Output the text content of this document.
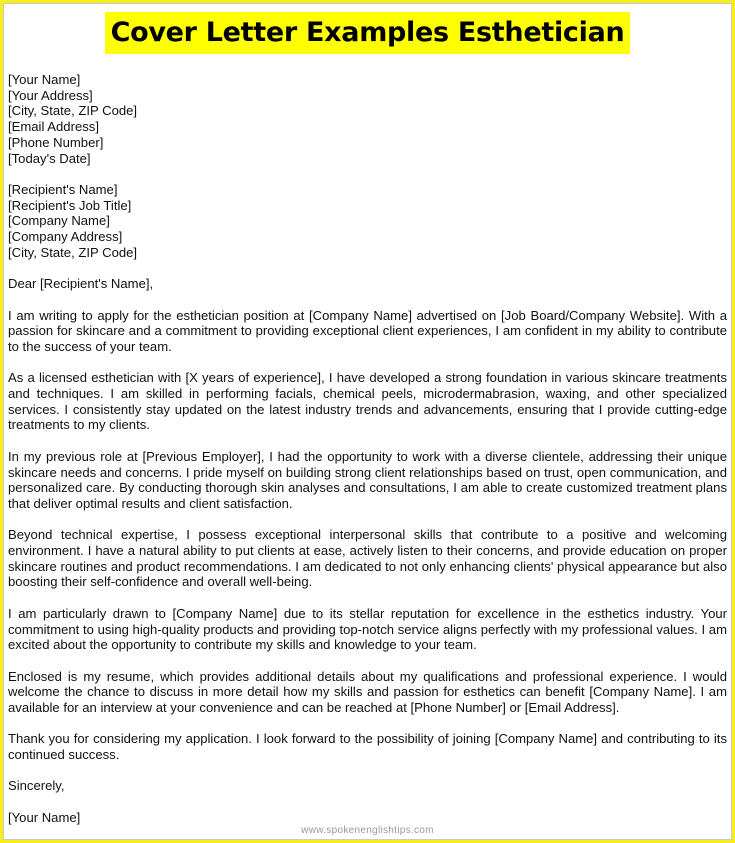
Cover Letter Examples Esthetician
[Your Name]
[Your Address]
[City, State, ZIP Code]
[Email Address]
[Phone Number]
[Today's Date]
[Recipient's Name]
[Recipient's Job Title]
[Company Name]
[Company Address]
[City, State, ZIP Code]
Dear [Recipient's Name],

I am writing to apply for the esthetician position at [Company Name] advertised on [Job Board/Company Website]. With a passion for skincare and a commitment to providing exceptional client experiences, I am confident in my ability to contribute to the success of your team.

As a licensed esthetician with [X years of experience], I have developed a strong foundation in various skincare treatments and techniques. I am skilled in performing facials, chemical peels, microdermabrasion, waxing, and other specialized services. I consistently stay updated on the latest industry trends and advancements, ensuring that I provide cutting-edge treatments to my clients.

In my previous role at [Previous Employer], I had the opportunity to work with a diverse clientele, addressing their unique skincare needs and concerns. I pride myself on building strong client relationships based on trust, open communication, and personalized care. By conducting thorough skin analyses and consultations, I am able to create customized treatment plans that deliver optimal results and client satisfaction.

Beyond technical expertise, I possess exceptional interpersonal skills that contribute to a positive and welcoming environment. I have a natural ability to put clients at ease, actively listen to their concerns, and provide education on proper skincare routines and product recommendations. I am dedicated to not only enhancing clients' physical appearance but also boosting their self-confidence and overall well-being.

I am particularly drawn to [Company Name] due to its stellar reputation for excellence in the esthetics industry. Your commitment to using high-quality products and providing top-notch service aligns perfectly with my professional values. I am excited about the opportunity to contribute my skills and knowledge to your team.

Enclosed is my resume, which provides additional details about my qualifications and professional experience. I would welcome the chance to discuss in more detail how my skills and passion for esthetics can benefit [Company Name]. I am available for an interview at your convenience and can be reached at [Phone Number] or [Email Address].

Thank you for considering my application. I look forward to the possibility of joining [Company Name] and contributing to its continued success.

Sincerely,
[Your Name]
www.spokenenglishtips.com
